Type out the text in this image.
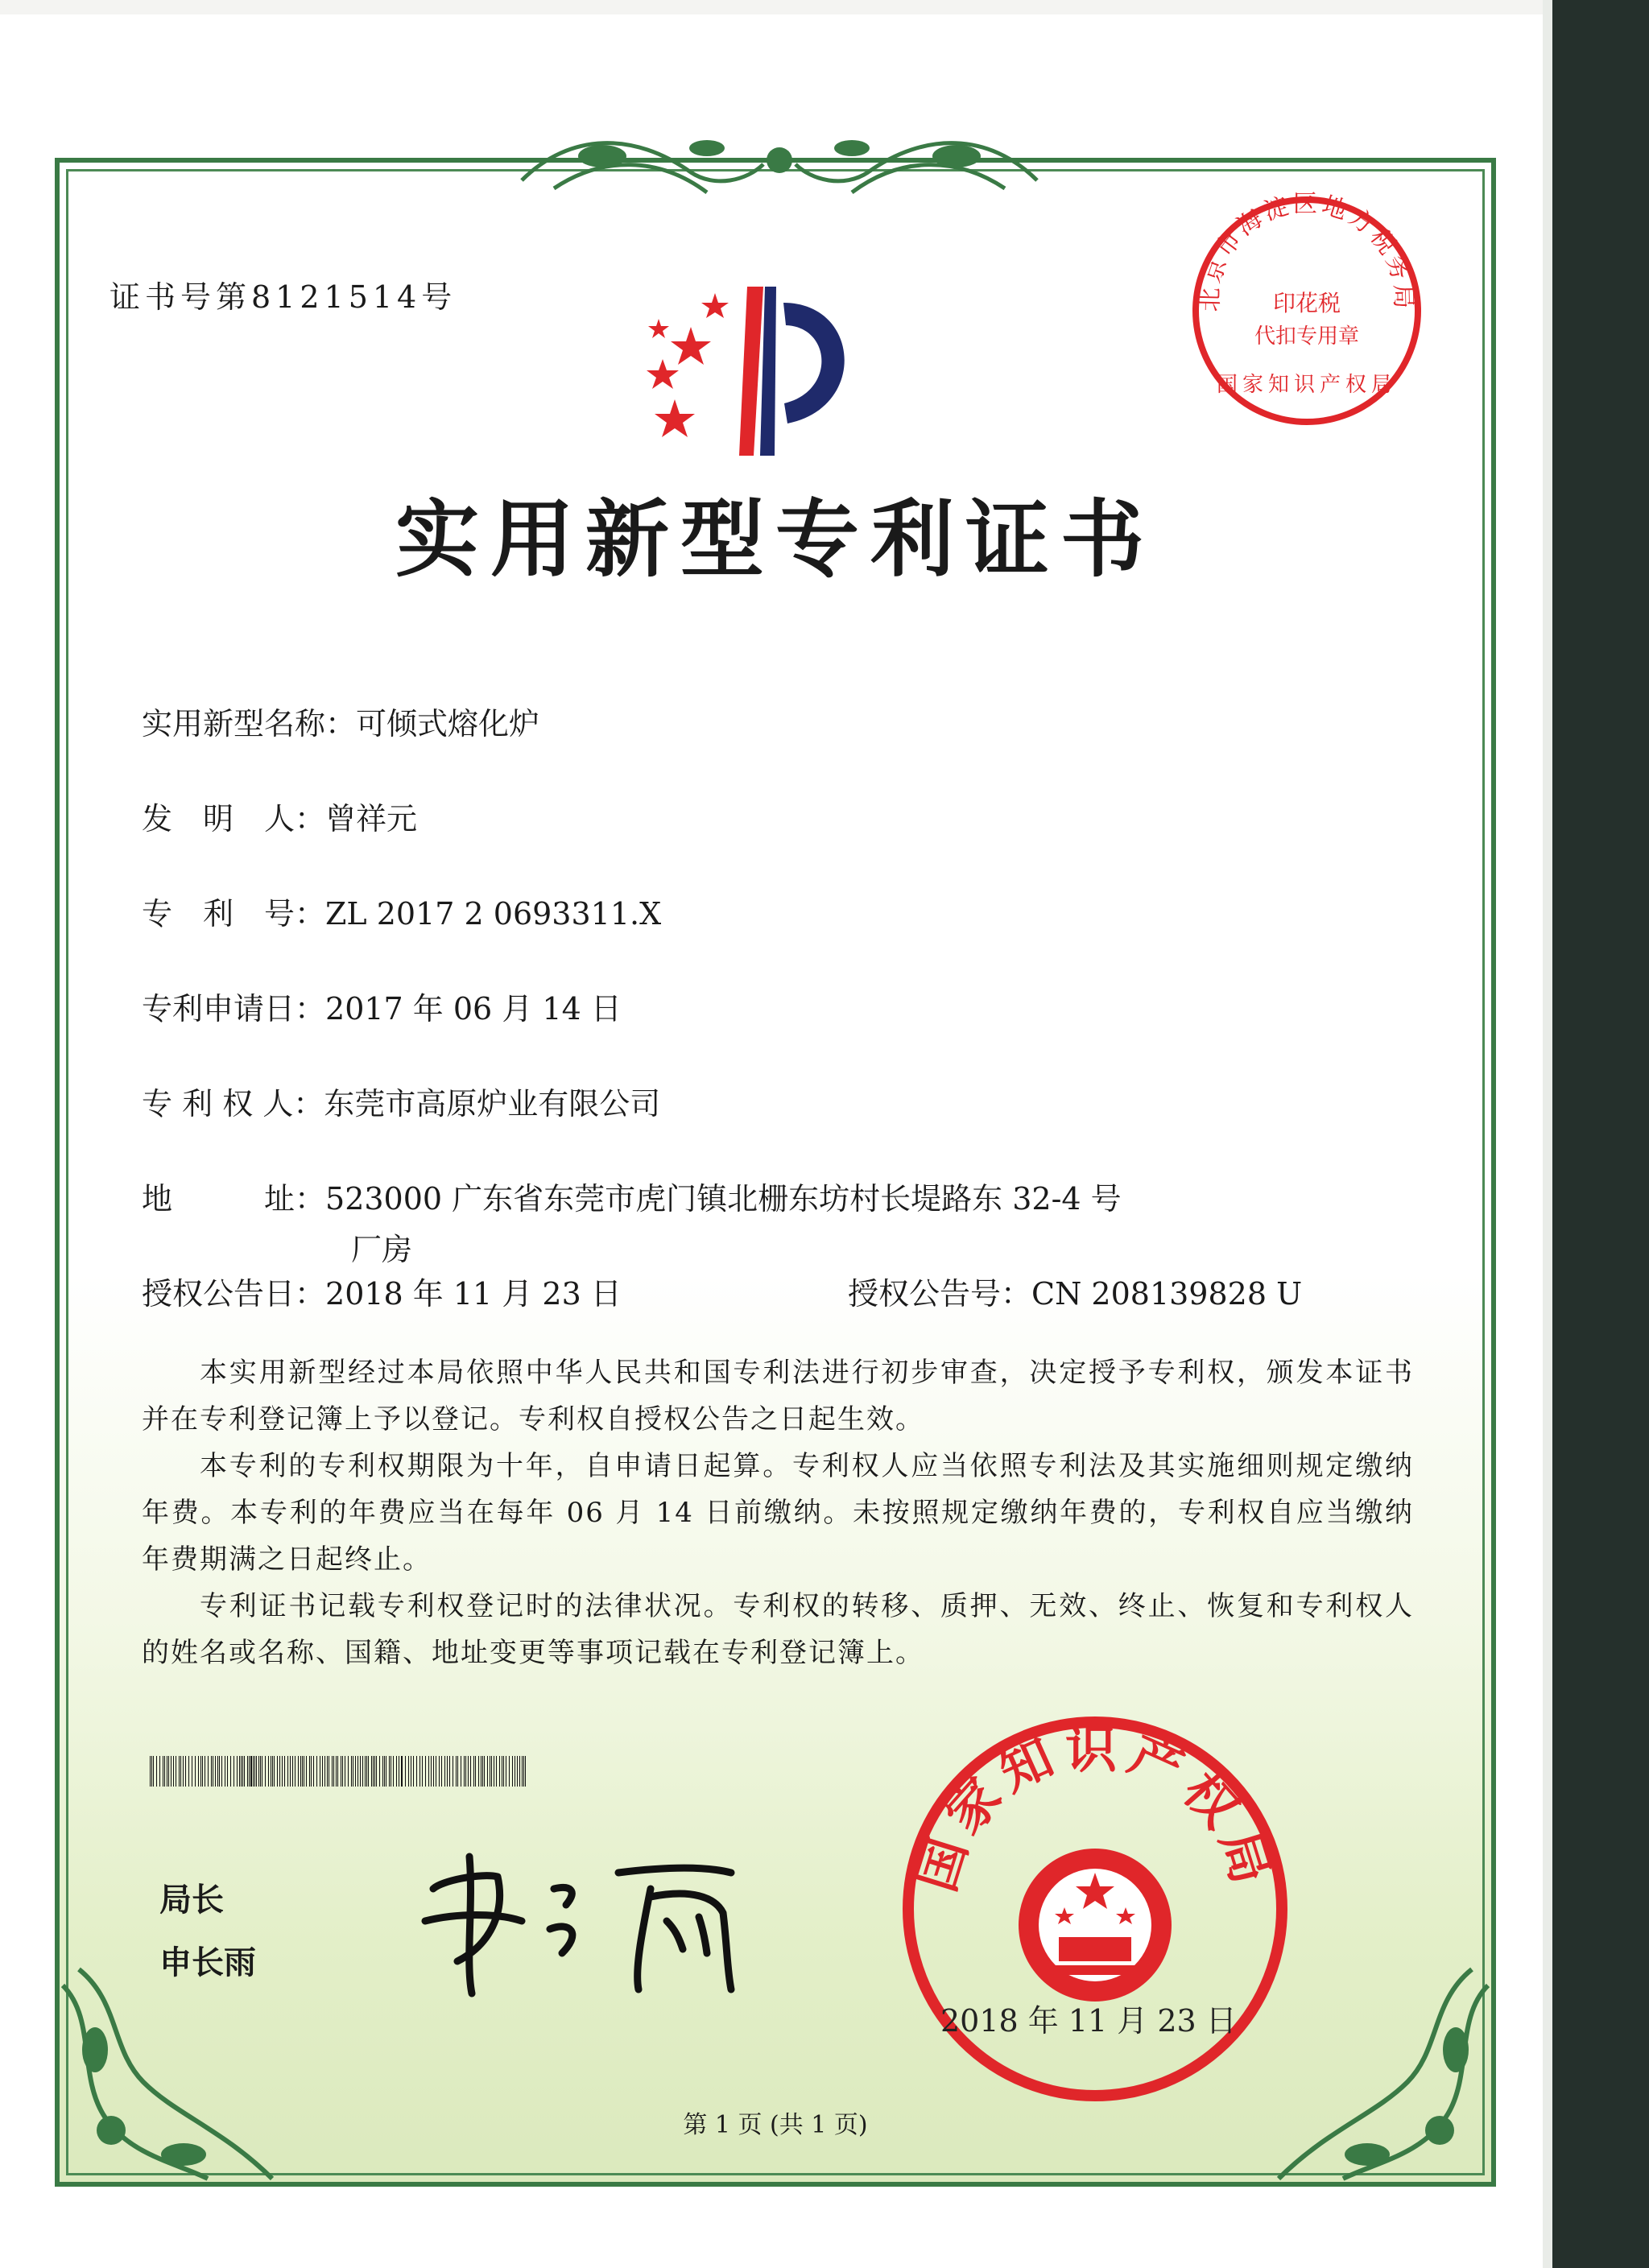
证书号第8121514号	北京市海淀区地方税务局
印花税
代扣专用章
国家知识产权局
实用新型专利证书
实用新型名称：可倾式熔化炉
发　明　人：曾祥元
专　利　号：ZL 2017 2 0693311.X
专利申请日：2017 年 06 月 14 日
专 利 权 人：东莞市高原炉业有限公司
地　　　址：523000 广东省东莞市虎门镇北栅东坊村长堤路东 32-4 号
厂房
授权公告日：2018 年 11 月 23 日	授权公告号：CN 208139828 U

本实用新型经过本局依照中华人民共和国专利法进行初步审查，决定授予专利权，颁发本证书并在专利登记簿上予以登记。专利权自授权公告之日起生效。

本专利的专利权期限为十年，自申请日起算。专利权人应当依照专利法及其实施细则规定缴纳年费。本专利的年费应当在每年 06 月 14 日前缴纳。未按照规定缴纳年费的，专利权自应当缴纳年费期满之日起终止。

专利证书记载专利权登记时的法律状况。专利权的转移、质押、无效、终止、恢复和专利权人的姓名或名称、国籍、地址变更等事项记载在专利登记簿上。

局长
申长雨
国家知识产权局
2018 年 11 月 23 日
第 1 页 (共 1 页)
